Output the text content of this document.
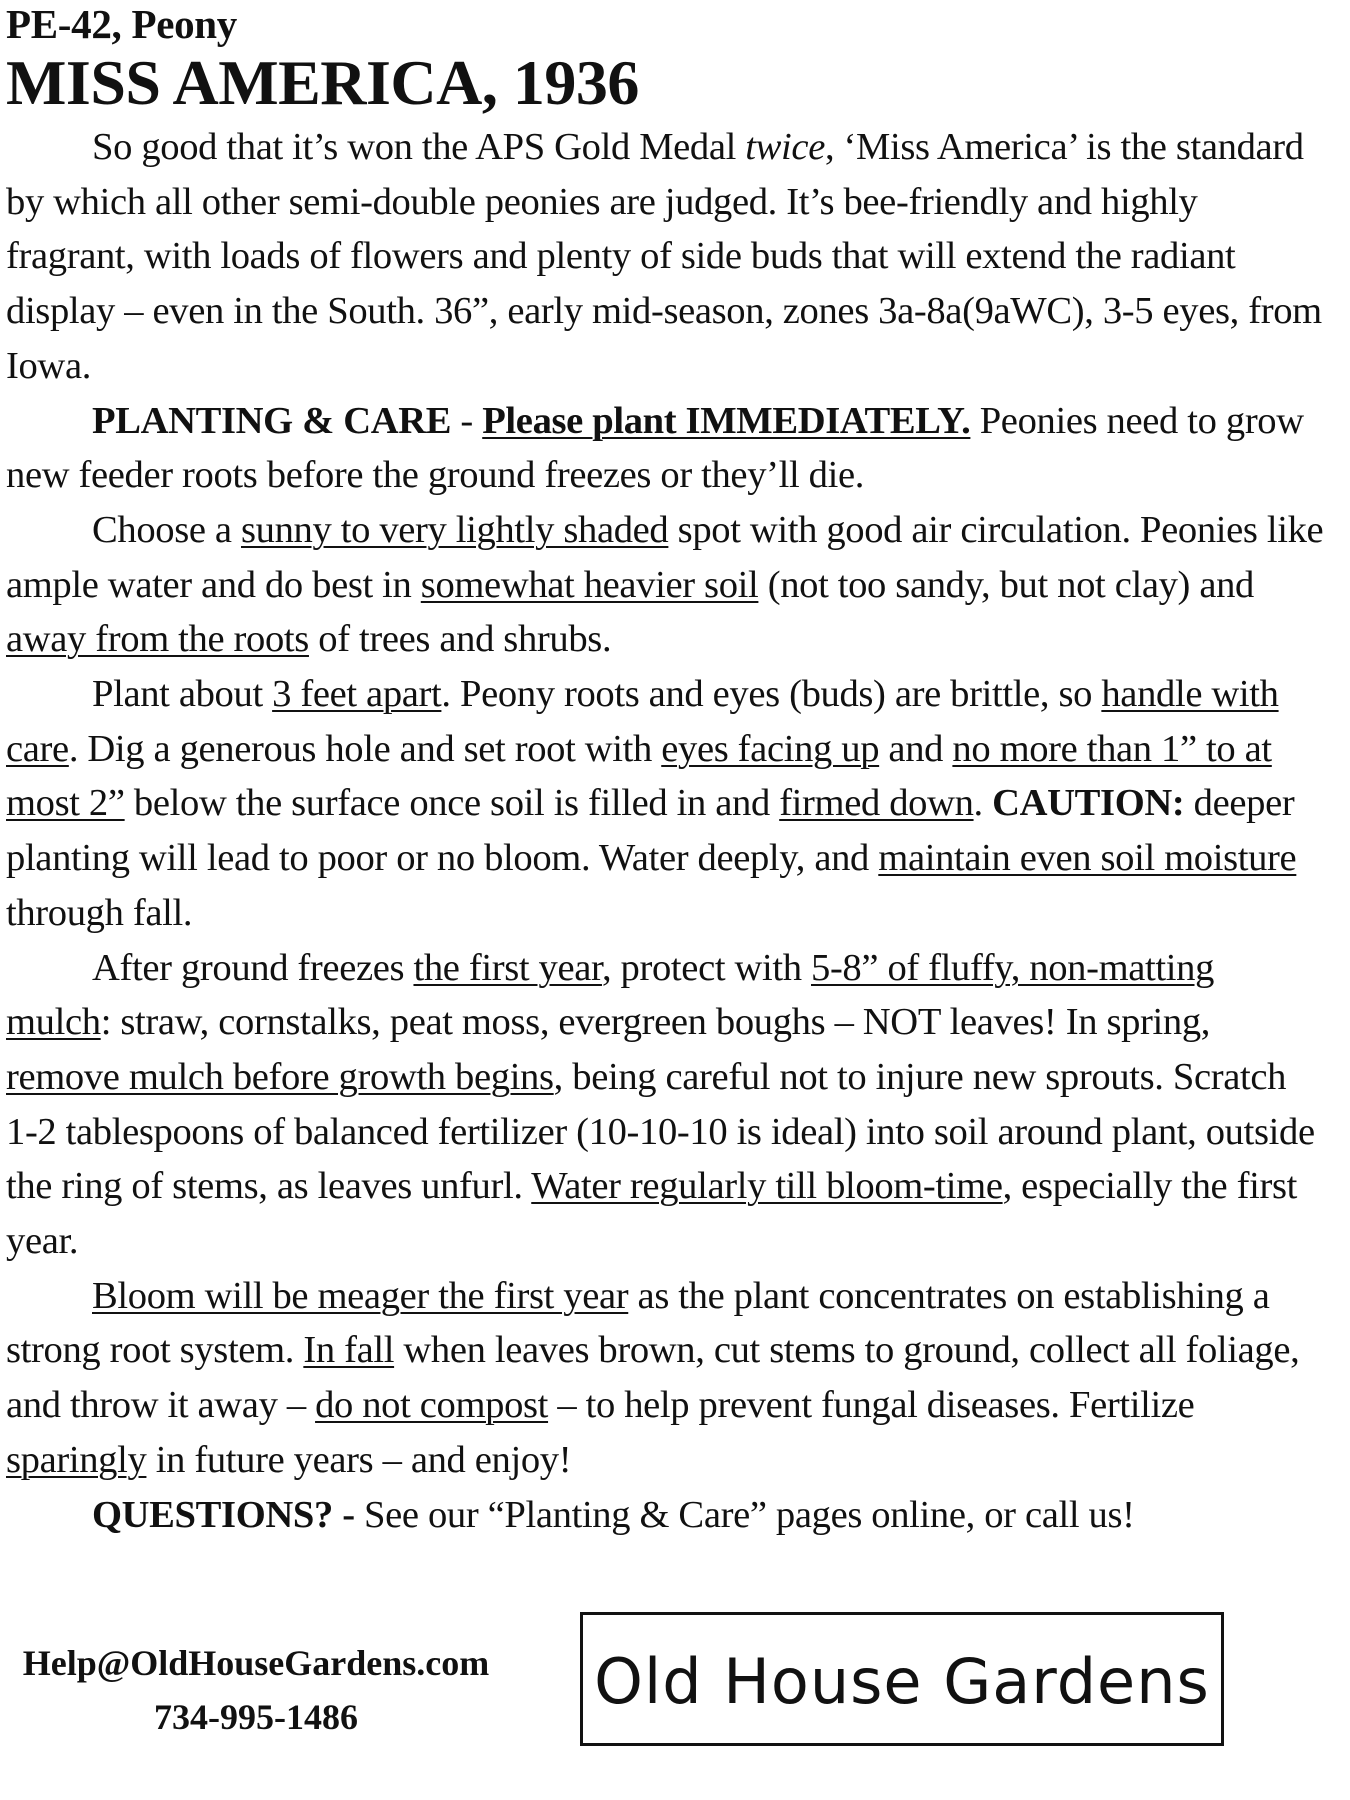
PE-42, Peony

MISS AMERICA, 1936

So good that it’s won the APS Gold Medal twice, ‘Miss America’ is the standard by which all other semi-double peonies are judged. It’s bee-friendly and highly fragrant, with loads of flowers and plenty of side buds that will extend the radiant display – even in the South. 36”, early mid-season, zones 3a-8a(9aWC), 3-5 eyes, from Iowa.

PLANTING & CARE - Please plant IMMEDIATELY. Peonies need to grow new feeder roots before the ground freezes or they’ll die.

Choose a sunny to very lightly shaded spot with good air circulation. Peonies like ample water and do best in somewhat heavier soil (not too sandy, but not clay) and away from the roots of trees and shrubs.

Plant about 3 feet apart. Peony roots and eyes (buds) are brittle, so handle with care. Dig a generous hole and set root with eyes facing up and no more than 1” to at most 2” below the surface once soil is filled in and firmed down. CAUTION: deeper planting will lead to poor or no bloom. Water deeply, and maintain even soil moisture through fall.

After ground freezes the first year, protect with 5-8” of fluffy, non-matting mulch: straw, cornstalks, peat moss, evergreen boughs – NOT leaves! In spring, remove mulch before growth begins, being careful not to injure new sprouts. Scratch 1-2 tablespoons of balanced fertilizer (10-10-10 is ideal) into soil around plant, outside the ring of stems, as leaves unfurl. Water regularly till bloom-time, especially the first year.

Bloom will be meager the first year as the plant concentrates on establishing a strong root system. In fall when leaves brown, cut stems to ground, collect all foliage, and throw it away – do not compost – to help prevent fungal diseases. Fertilize sparingly in future years – and enjoy!

QUESTIONS? - See our “Planting & Care” pages online, or call us!

Help@OldHouseGardens.com
734-995-1486	Old House Gardens
